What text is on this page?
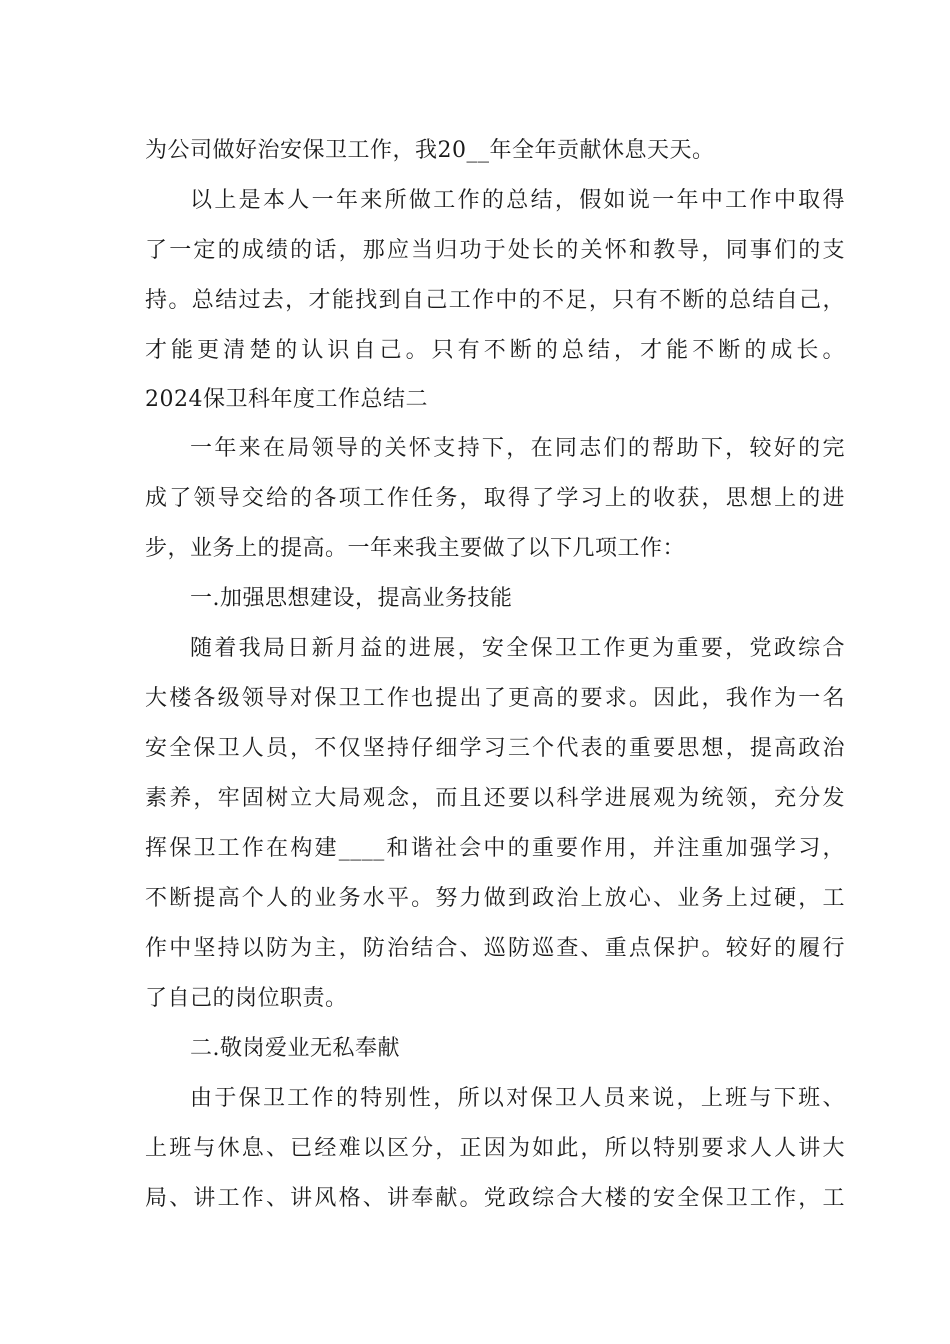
为公司做好治安保卫工作，我20__年全年贡献休息天天。
以上是本人一年来所做工作的总结，假如说一年中工作中取得
了一定的成绩的话，那应当归功于处长的关怀和教导，同事们的支
持。总结过去，才能找到自己工作中的不足，只有不断的总结自己，
才能更清楚的认识自己。只有不断的总结，才能不断的成长。
2024保卫科年度工作总结二
一年来在局领导的关怀支持下，在同志们的帮助下，较好的完
成了领导交给的各项工作任务，取得了学习上的收获，思想上的进
步，业务上的提高。一年来我主要做了以下几项工作：
一.加强思想建设，提高业务技能
随着我局日新月益的进展，安全保卫工作更为重要，党政综合
大楼各级领导对保卫工作也提出了更高的要求。因此，我作为一名
安全保卫人员，不仅坚持仔细学习三个代表的重要思想，提高政治
素养，牢固树立大局观念，而且还要以科学进展观为统领，充分发
挥保卫工作在构建____和谐社会中的重要作用，并注重加强学习，
不断提高个人的业务水平。努力做到政治上放心、业务上过硬，工
作中坚持以防为主，防治结合、巡防巡查、重点保护。较好的履行
了自己的岗位职责。
二.敬岗爱业无私奉献
由于保卫工作的特别性，所以对保卫人员来说，上班与下班、
上班与休息、已经难以区分，正因为如此，所以特别要求人人讲大
局、讲工作、讲风格、讲奉献。党政综合大楼的安全保卫工作，工
